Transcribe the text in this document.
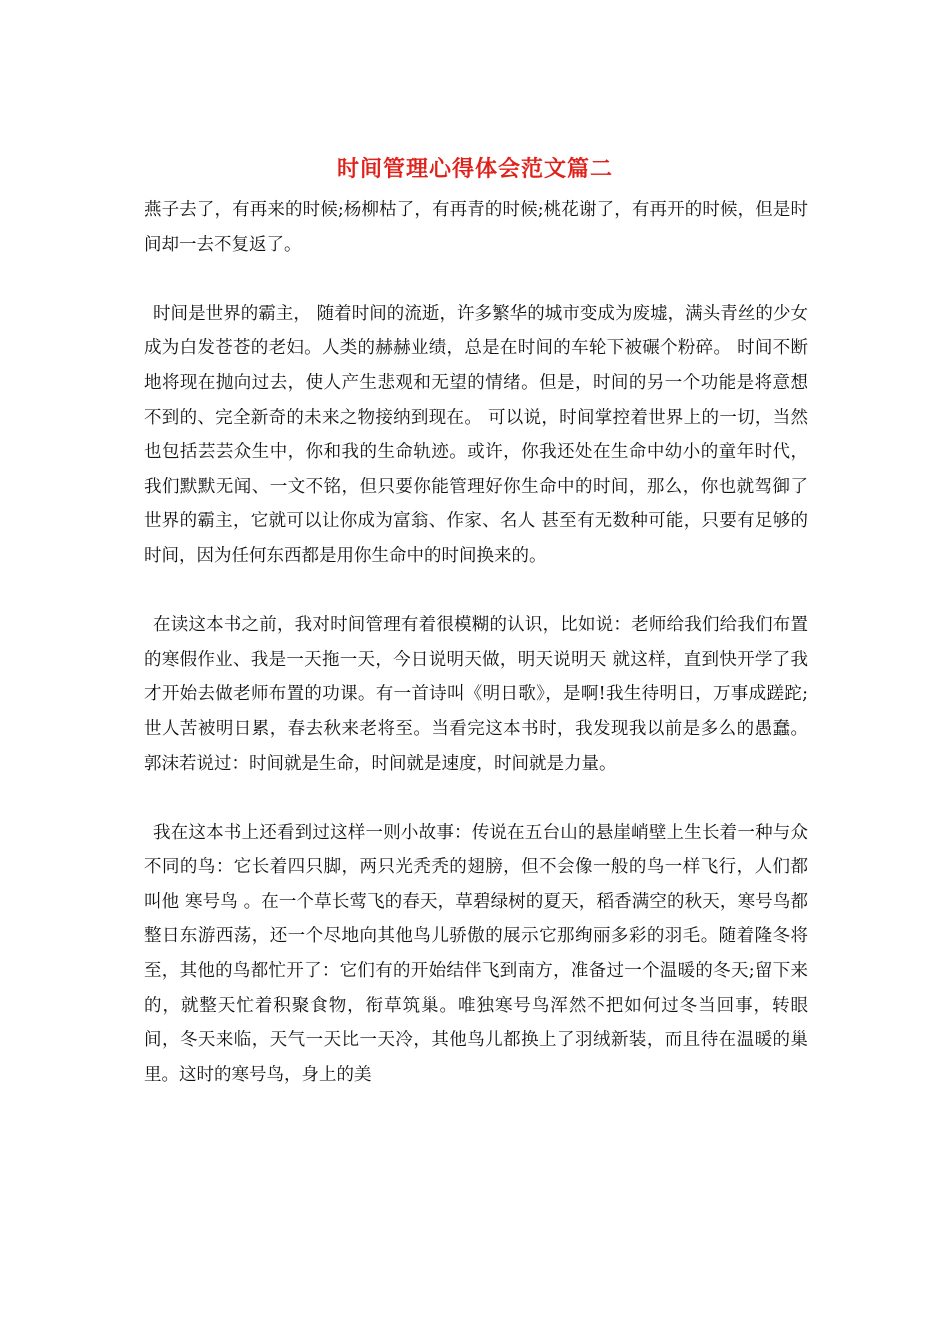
时间管理心得体会范文篇二

燕子去了，有再来的时候;杨柳枯了，有再青的时候;桃花谢了，有再开的时候，但是时间却一去不复返了。

时间是世界的霸主， 随着时间的流逝，许多繁华的城市变成为废墟，满头青丝的少女成为白发苍苍的老妇。人类的赫赫业绩，总是在时间的车轮下被碾个粉碎。 时间不断地将现在抛向过去，使人产生悲观和无望的情绪。但是，时间的另一个功能是将意想不到的、完全新奇的未来之物接纳到现在。 可以说，时间掌控着世界上的一切，当然也包括芸芸众生中，你和我的生命轨迹。或许，你我还处在生命中幼小的童年时代，我们默默无闻、一文不铭，但只要你能管理好你生命中的时间，那么，你也就驾御了世界的霸主，它就可以让你成为富翁、作家、名人 甚至有无数种可能，只要有足够的时间，因为任何东西都是用你生命中的时间换来的。

在读这本书之前，我对时间管理有着很模糊的认识，比如说：老师给我们给我们布置的寒假作业、我是一天拖一天，今日说明天做，明天说明天 就这样，直到快开学了我才开始去做老师布置的功课。有一首诗叫《明日歌》，是啊!我生待明日，万事成蹉跎;世人苦被明日累，春去秋来老将至。当看完这本书时，我发现我以前是多么的愚蠢。郭沫若说过：时间就是生命，时间就是速度，时间就是力量。

我在这本书上还看到过这样一则小故事：传说在五台山的悬崖峭壁上生长着一种与众不同的鸟：它长着四只脚，两只光秃秃的翅膀，但不会像一般的鸟一样飞行，人们都叫他 寒号鸟 。在一个草长莺飞的春天，草碧绿树的夏天，稻香满空的秋天，寒号鸟都整日东游西荡，还一个尽地向其他鸟儿骄傲的展示它那绚丽多彩的羽毛。随着隆冬将至，其他的鸟都忙开了：它们有的开始结伴飞到南方，准备过一个温暖的冬天;留下来的，就整天忙着积聚食物，衔草筑巢。唯独寒号鸟浑然不把如何过冬当回事，转眼间，冬天来临，天气一天比一天冷，其他鸟儿都换上了羽绒新装，而且待在温暖的巢里。这时的寒号鸟，身上的美
